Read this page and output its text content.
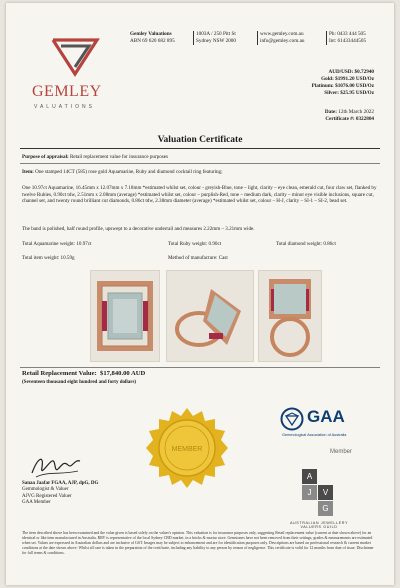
GEMLEY
VALUATIONS
Gemley Valuations
ABN 69 620 682 895
1003A / 250 Pitt St
Sydney NSW 2000
www.gemley.com.au
info@gemley.com.au
Ph: 0433 444 505
Int: 61433444505
AUD/USD: $0.72940
Gold: $1991.20 USD/Oz
Platinum: $1076.00 USD/Oz
Silver: $25.95 USD/Oz
Date: 12th March 2022
Certificate #: 0322804
Valuation Certificate
Purpose of appraisal: Retail replacement value for insurance purposes
Item: One stamped 14CT (585) rose gold Aquamarine, Ruby and diamond cocktail ring featuring;
One 10.97ct Aquamarine, 16.45mm x 12.07mm x 7.18mm *estimated whilst set, colour - greyish-Blue, tone – light, clarity – eye clean, emerald cut, four claw set, flanked by twelve Rubies, 0.90ct tdw, 2.51mm x 2.08mm (average) *estimated whilst set, colour – purplish-Red, tone – medium dark, clarity – minor eye visible inclusions, square cut, channel set, and twenty round brilliant cut diamonds, 0.86ct tdw, 2.38mm diameter (average) *estimated whilst set, colour – H-J, clarity – SI-1 – SI-2, bead set.
The band is polished, half round profile, upswept to a decorative underrail and measures 2.22mm – 3.21mm wide.
Total Aquamarine weight: 10.97ct	Total Ruby weight: 0.90ct	Total diamond weight: 0.86ct
Total item weight: 10.59g	Method of manufacture: Cast
Retail Replacement Value: $17,840.00 AUD
(Seventeen thousand eight hundred and forty dollars)
MEMBER
GAA
Gemmological Association of Australia
Member
A
V
J
G
AUSTRALIAN JEWELLERY
VALUERS GUILD
Sanaa Jaafar FGAA, AJP, dpG, DG
Gemmologist & Valuer
AJVG Registered Valuer
GAA Member
The item described above has been examined and the value given is based solely on the valuer's opinion. This valuation is for insurance purposes only, suggesting Retail replacement value (current at date shown above) for an identical or like item manufactured in Australia. RRV is representative of the local Sydney CBD market, in a bricks & mortar store. Gemstones have not been removed from their settings, grades & measurements are estimated when set. Values are expressed in Australian dollars and are inclusive of GST. Images may be subject to enhancement and are for identification purposes only. Descriptions are based on professional research & current market conditions at the date shown above. Whilst all care is taken in the preparation of the certificate, including any liability to any person by reason of negligence. This certificate is valid for 12 months from date of issue. Disclaimer for full terms & conditions.
